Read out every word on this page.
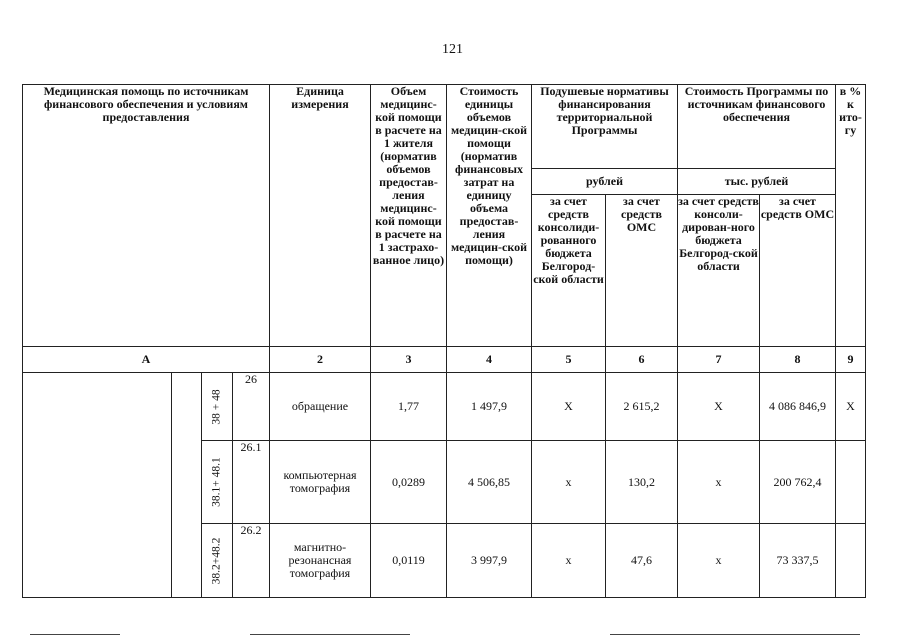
121
Медицинская помощь по источникам финансового обеспечения и условиям предоставления				Единица измерения	Объем медицинс-кой помощи в расчете на 1 жителя (норматив объемов предостав-ления медицинс-кой помощи в расчете на 1 застрахо-ванное лицо)	Стоимость единицы объемов медицин-ской помощи (норматив финансовых затрат на единицу объема предостав-ления медицин-ской помощи)	Подушевые нормативы финансирования территориальной Программы		Стоимость Программы по источникам финансового обеспечения		в % к ито-гу
							рублей		тыс. рублей		
							за счет средств консолиди-рованного бюджета Белгород-ской области	за счет средств ОМС	за счет средств консоли-дирован-ного бюджета Белгород-ской области	за счет средств ОМС	
А				2	3	4	5	6	7	8	9

		38 + 48	26	обращение	1,77	1 497,9	Х	2 615,2	Х	4 086 846,9	Х

		38.1+ 48.1	26.1	компьютерная томография	0,0289	4 506,85	х	130,2	х	200 762,4	

		38.2+48.2	26.2	магнитно-резонансная томография	0,0119	3 997,9	х	47,6	х	73 337,5	
